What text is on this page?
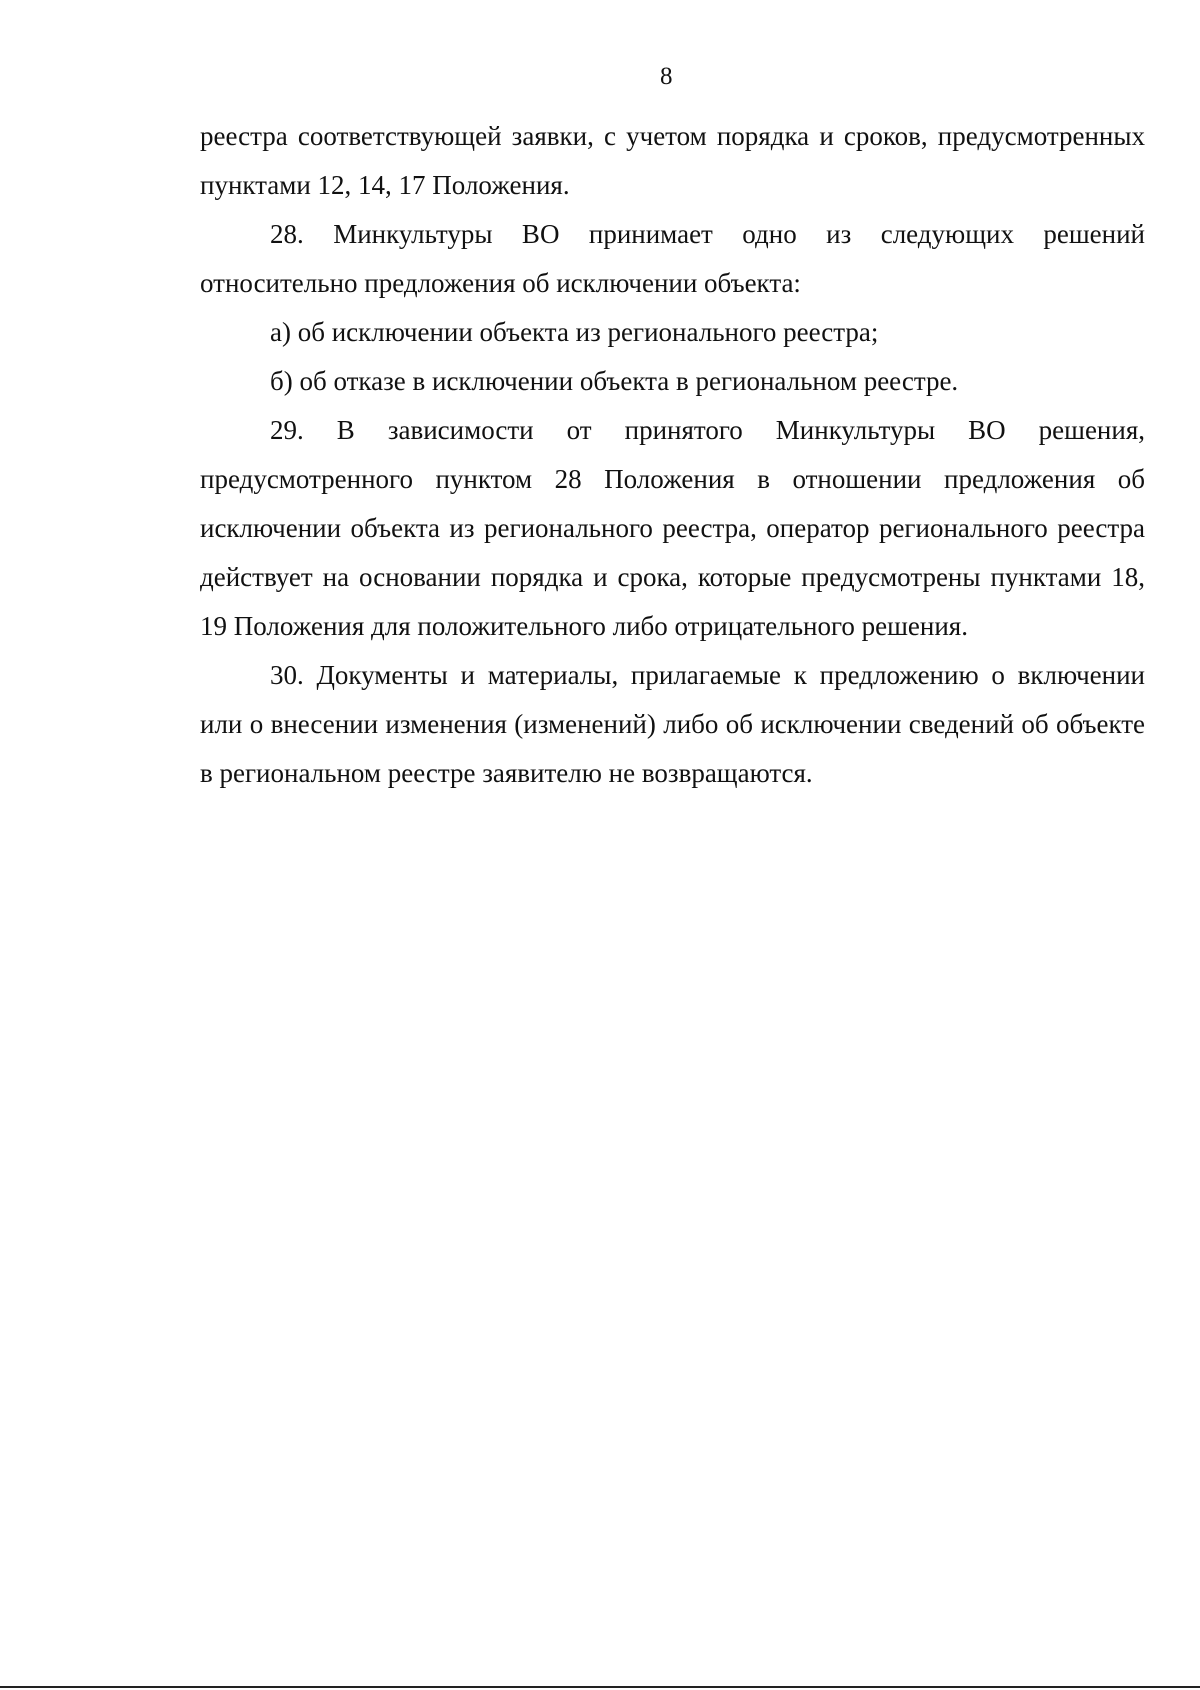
8

реестра соответствующей заявки, с учетом порядка и сроков, предусмотренных пунктами 12, 14, 17 Положения.

28. Минкультуры ВО принимает одно из следующих решений относительно предложения об исключении объекта:

а) об исключении объекта из регионального реестра;

б) об отказе в исключении объекта в региональном реестре.

29. В зависимости от принятого Минкультуры ВО решения, предусмотренного пунктом 28 Положения в отношении предложения об исключении объекта из регионального реестра, оператор регионального реестра действует на основании порядка и срока, которые предусмотрены пунктами 18, 19 Положения для положительного либо отрицательного решения.

30. Документы и материалы, прилагаемые к предложению о включении или о внесении изменения (изменений) либо об исключении сведений об объекте в региональном реестре заявителю не возвращаются.
